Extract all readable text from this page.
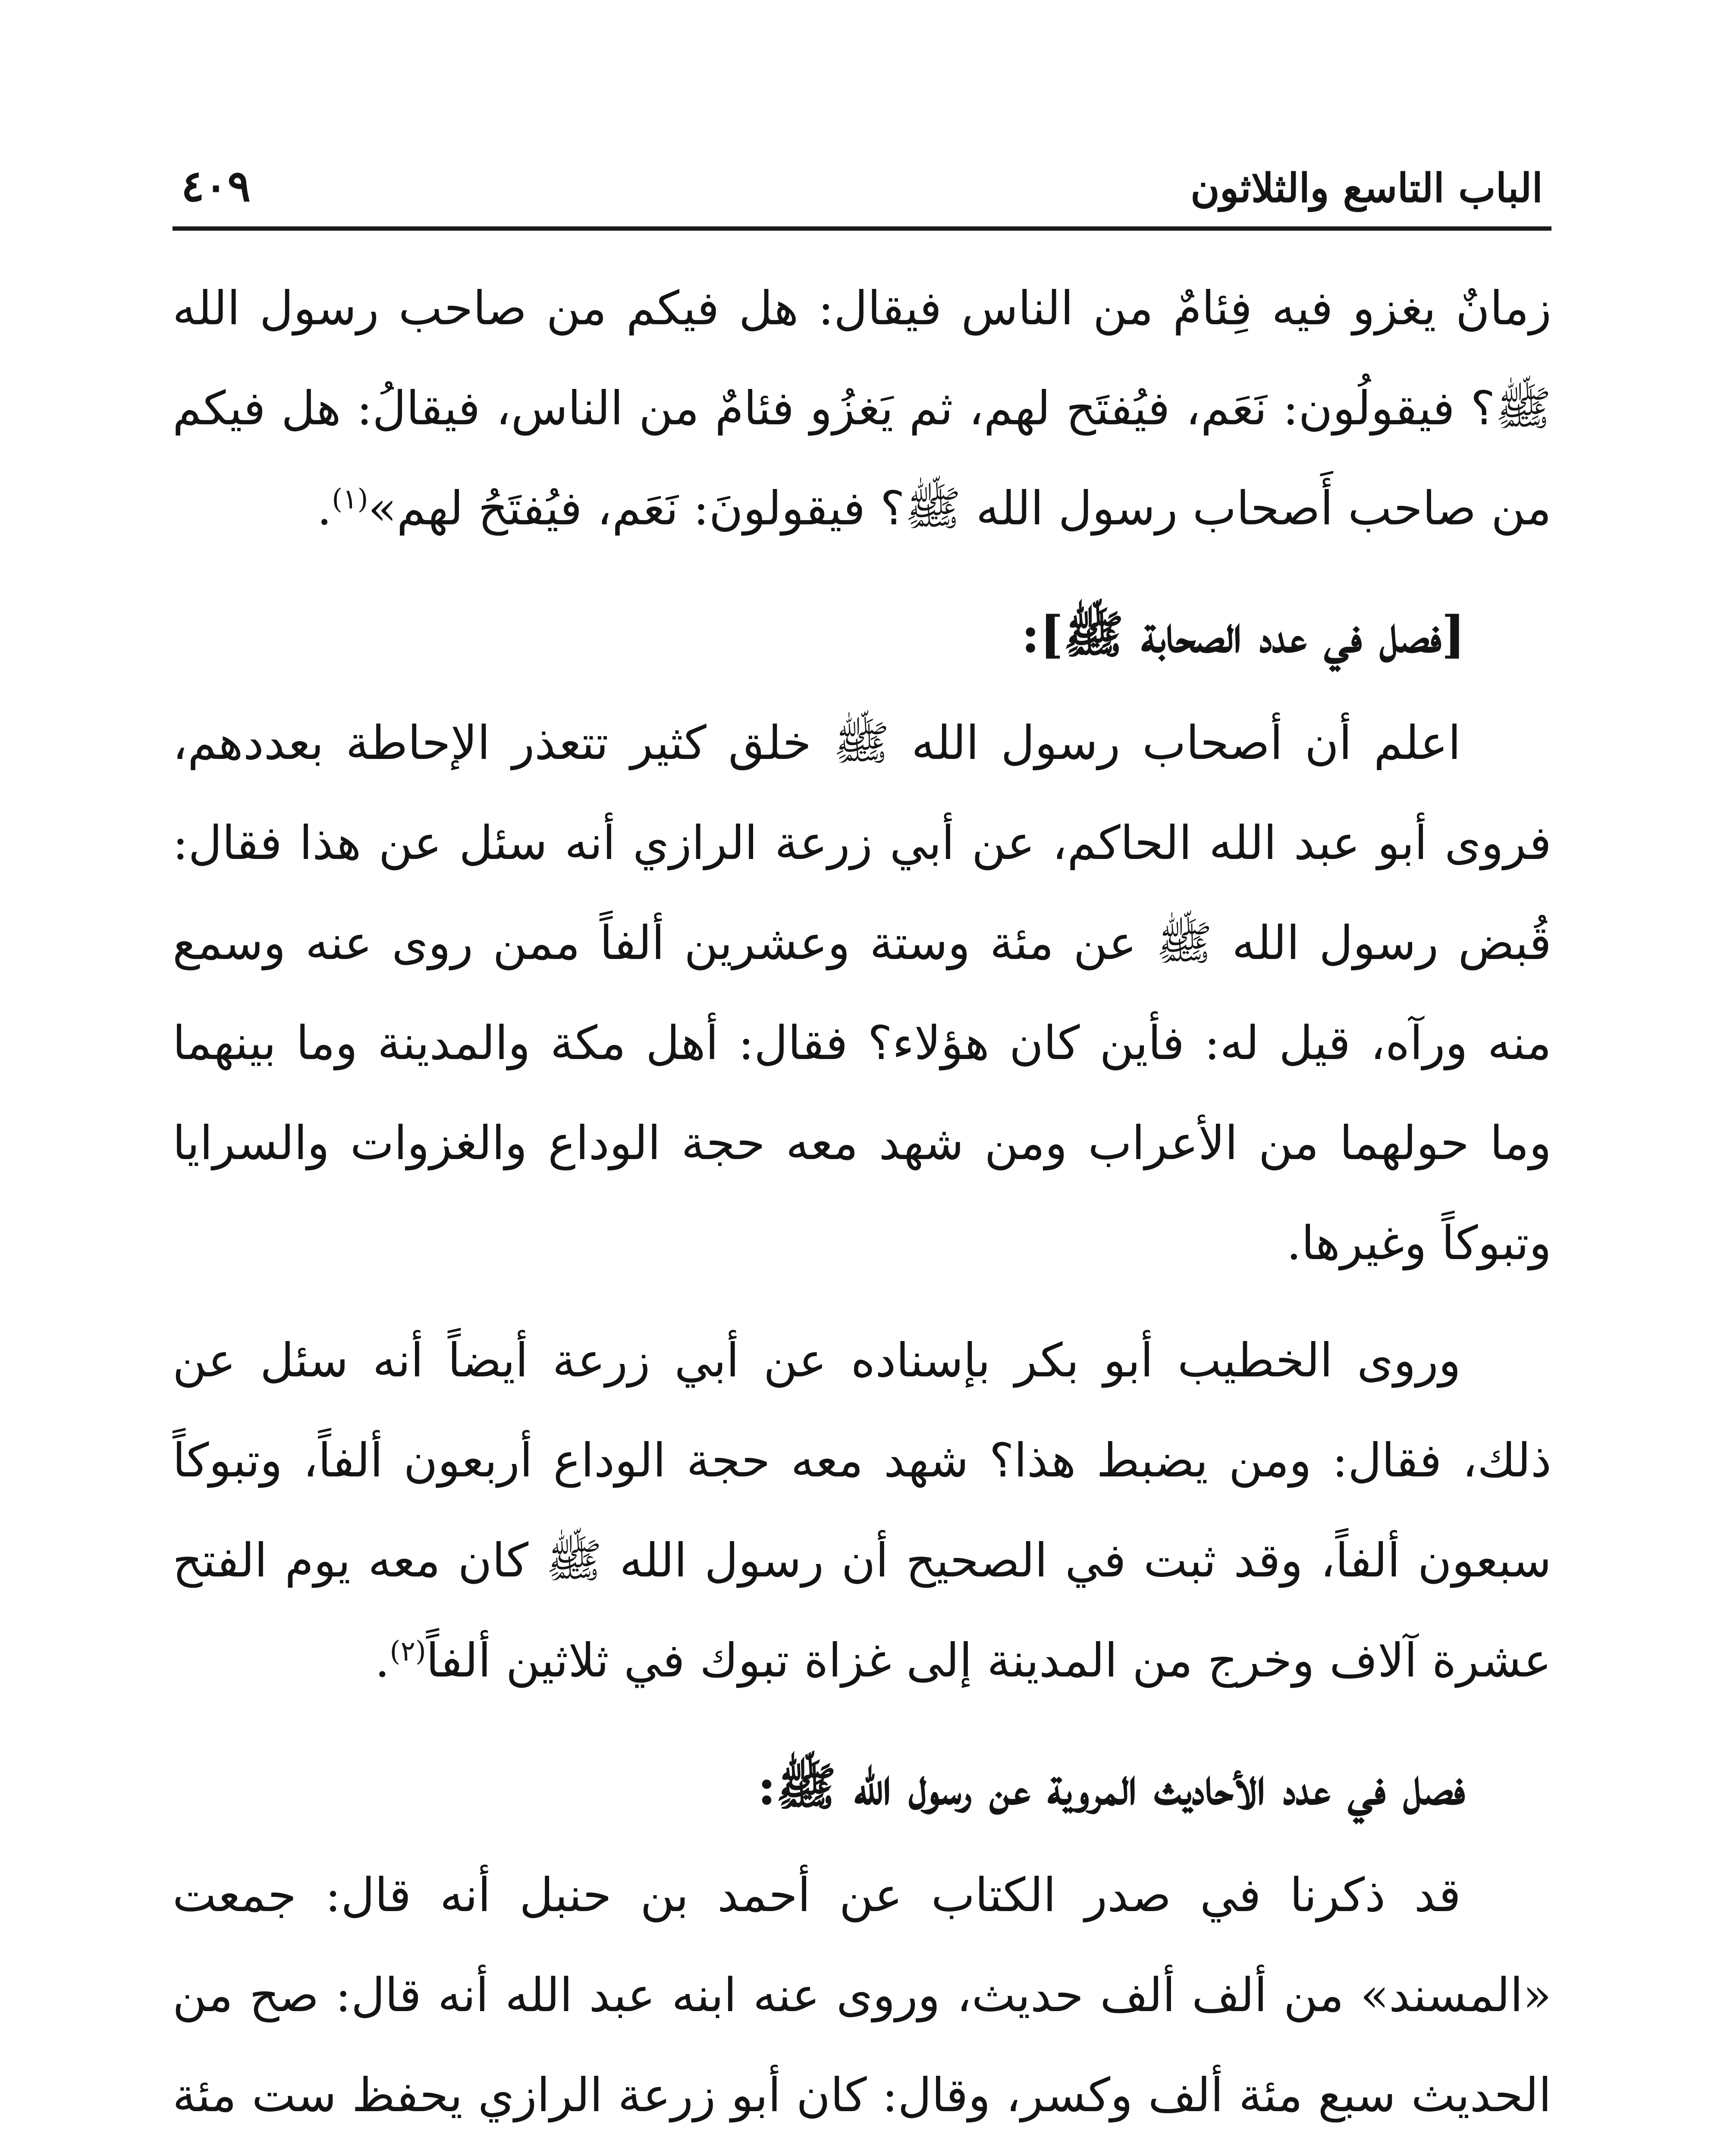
الباب التاسع والثلاثون
٤٠٩

زمانٌ يغزو فيه فِئامٌ من الناس فيقال: هل فيكم من صاحب رسول الله ﷺ؟ فيقولُون: نَعَم، فيُفتَح لهم، ثم يَغزُو فئامٌ من الناس، فيقالُ: هل فيكم من صاحب أَصحاب رسول الله ﷺ؟ فيقولونَ: نَعَم، فيُفتَحُ لهم»$^{(١)}$.

[فصل في عدد الصحابة ﷺ]:

اعلم أن أصحاب رسول الله ﷺ خلق كثير تتعذر الإحاطة بعددهم، فروى أبو عبد الله الحاكم، عن أبي زرعة الرازي أنه سئل عن هذا فقال: قُبض رسول الله ﷺ عن مئة وستة وعشرين ألفاً ممن روى عنه وسمع منه ورآه، قيل له: فأين كان هؤلاء؟ فقال: أهل مكة والمدينة وما بينهما وما حولهما من الأعراب ومن شهد معه حجة الوداع والغزوات والسرايا وتبوكاً وغيرها.

وروى الخطيب أبو بكر بإسناده عن أبي زرعة أيضاً أنه سئل عن ذلك، فقال: ومن يضبط هذا؟ شهد معه حجة الوداع أربعون ألفاً، وتبوكاً سبعون ألفاً، وقد ثبت في الصحيح أن رسول الله ﷺ كان معه يوم الفتح عشرة آلاف وخرج من المدينة إلى غزاة تبوك في ثلاثين ألفاً$^{(٢)}$.

فصل في عدد الأحاديث المروية عن رسول الله ﷺ:

قد ذكرنا في صدر الكتاب عن أحمد بن حنبل أنه قال: جمعت «المسند» من ألف ألف حديث، وروى عنه ابنه عبد الله أنه قال: صح من الحديث سبع مئة ألف وكسر، وقال: كان أبو زرعة الرازي يحفظ ست مئة
